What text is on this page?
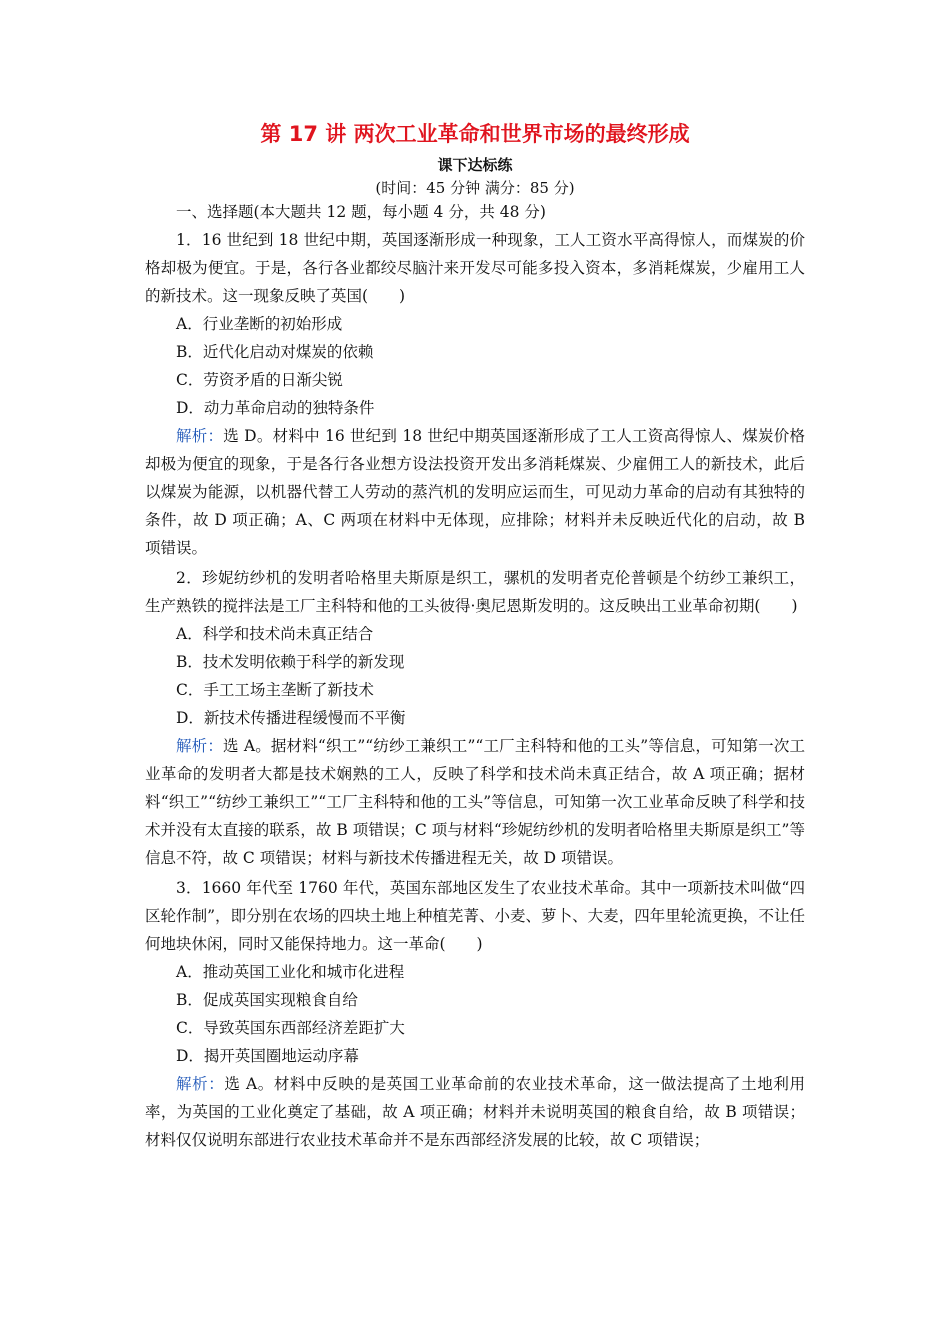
第 17 讲 两次工业革命和世界市场的最终形成
课下达标练
(时间：45 分钟 满分：85 分)

一、选择题(本大题共 12 题，每小题 4 分，共 48 分)

1．16 世纪到 18 世纪中期，英国逐渐形成一种现象，工人工资水平高得惊人，而煤炭的价格却极为便宜。于是，各行各业都绞尽脑汁来开发尽可能多投入资本，多消耗煤炭，少雇用工人的新技术。这一现象反映了英国(　　)

A．行业垄断的初始形成

B．近代化启动对煤炭的依赖

C．劳资矛盾的日渐尖锐

D．动力革命启动的独特条件

解析：选 D。材料中 16 世纪到 18 世纪中期英国逐渐形成了工人工资高得惊人、煤炭价格却极为便宜的现象，于是各行各业想方设法投资开发出多消耗煤炭、少雇佣工人的新技术，此后以煤炭为能源，以机器代替工人劳动的蒸汽机的发明应运而生，可见动力革命的启动有其独特的条件，故 D 项正确；A、C 两项在材料中无体现，应排除；材料并未反映近代化的启动，故 B 项错误。

2．珍妮纺纱机的发明者哈格里夫斯原是织工，骡机的发明者克伦普顿是个纺纱工兼织工，生产熟铁的搅拌法是工厂主科特和他的工头彼得·奥尼恩斯发明的。这反映出工业革命初期(　　)

A．科学和技术尚未真正结合

B．技术发明依赖于科学的新发现

C．手工工场主垄断了新技术

D．新技术传播进程缓慢而不平衡

解析：选 A。据材料“织工”“纺纱工兼织工”“工厂主科特和他的工头”等信息，可知第一次工业革命的发明者大都是技术娴熟的工人，反映了科学和技术尚未真正结合，故 A 项正确；据材料“织工”“纺纱工兼织工”“工厂主科特和他的工头”等信息，可知第一次工业革命反映了科学和技术并没有太直接的联系，故 B 项错误；C 项与材料“珍妮纺纱机的发明者哈格里夫斯原是织工”等信息不符，故 C 项错误；材料与新技术传播进程无关，故 D 项错误。

3．1660 年代至 1760 年代，英国东部地区发生了农业技术革命。其中一项新技术叫做“四区轮作制”，即分别在农场的四块土地上种植芜菁、小麦、萝卜、大麦，四年里轮流更换，不让任何地块休闲，同时又能保持地力。这一革命(　　)

A．推动英国工业化和城市化进程

B．促成英国实现粮食自给

C．导致英国东西部经济差距扩大

D．揭开英国圈地运动序幕

解析：选 A。材料中反映的是英国工业革命前的农业技术革命，这一做法提高了土地利用率，为英国的工业化奠定了基础，故 A 项正确；材料并未说明英国的粮食自给，故 B 项错误；材料仅仅说明东部进行农业技术革命并不是东西部经济发展的比较，故 C 项错误；
